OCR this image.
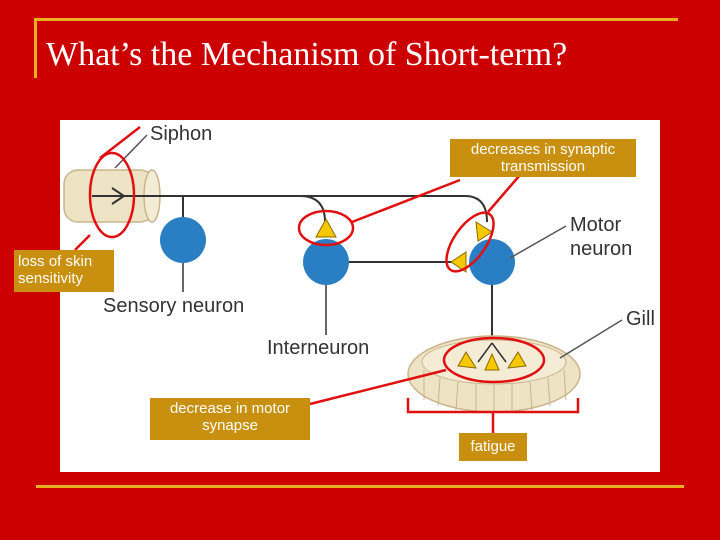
What’s the Mechanism of Short-term?
Siphon
Sensory neuron
Interneuron
Motor
neuron
Gill
decreases in synaptic transmission
loss of skin sensitivity
decrease in motor synapse
fatigue
